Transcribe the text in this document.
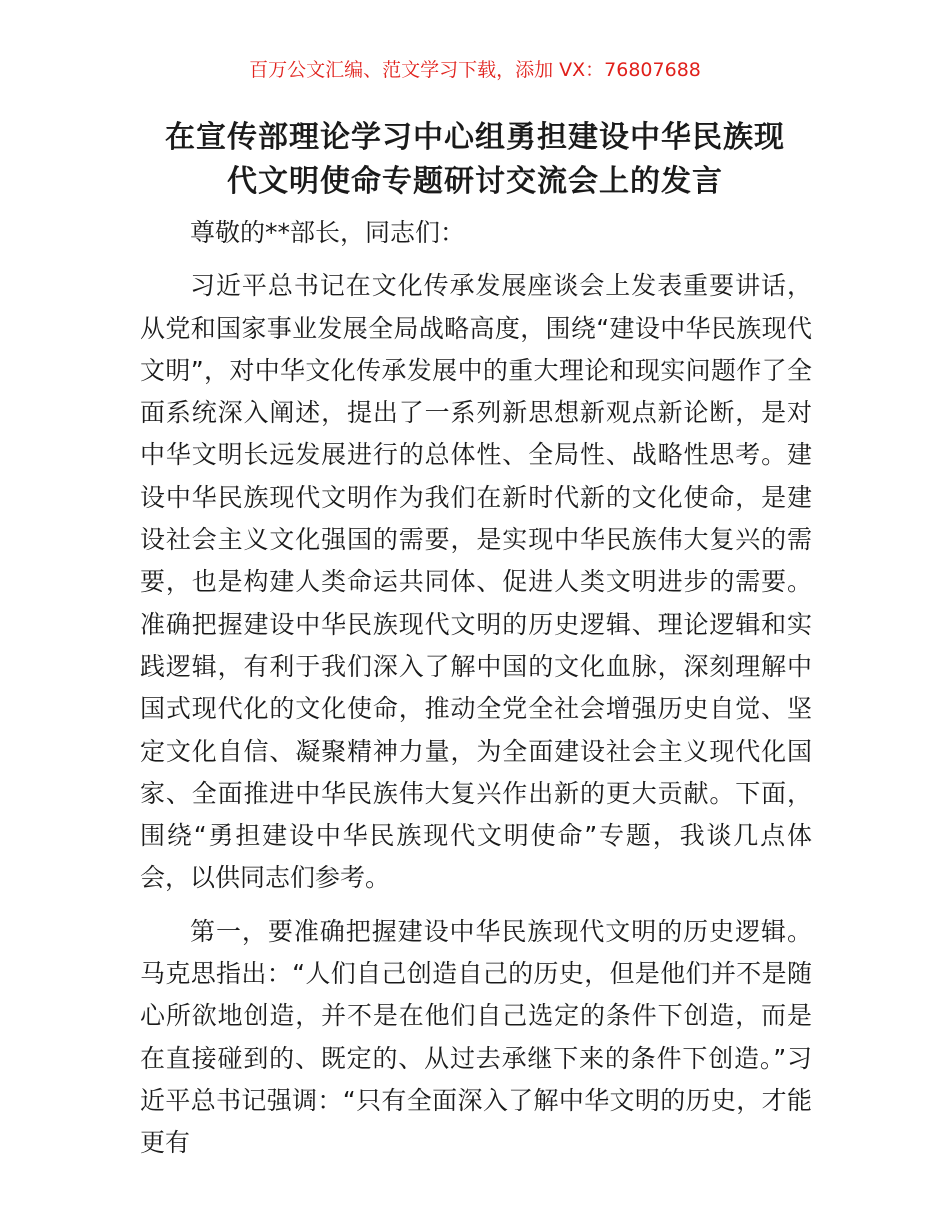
百万公文汇编、范文学习下载，添加 VX：76807688
在宣传部理论学习中心组勇担建设中华民族现
代文明使命专题研讨交流会上的发言

尊敬的**部长，同志们：

习近平总书记在文化传承发展座谈会上发表重要讲话，从党和国家事业发展全局战略高度，围绕“建设中华民族现代文明”，对中华文化传承发展中的重大理论和现实问题作了全面系统深入阐述，提出了一系列新思想新观点新论断，是对中华文明长远发展进行的总体性、全局性、战略性思考。建设中华民族现代文明作为我们在新时代新的文化使命，是建设社会主义文化强国的需要，是实现中华民族伟大复兴的需要，也是构建人类命运共同体、促进人类文明进步的需要。准确把握建设中华民族现代文明的历史逻辑、理论逻辑和实践逻辑，有利于我们深入了解中国的文化血脉，深刻理解中国式现代化的文化使命，推动全党全社会增强历史自觉、坚定文化自信、凝聚精神力量，为全面建设社会主义现代化国家、全面推进中华民族伟大复兴作出新的更大贡献。下面，围绕“勇担建设中华民族现代文明使命”专题，我谈几点体会，以供同志们参考。

第一，要准确把握建设中华民族现代文明的历史逻辑。马克思指出：“人们自己创造自己的历史，但是他们并不是随心所欲地创造，并不是在他们自己选定的条件下创造，而是在直接碰到的、既定的、从过去承继下来的条件下创造。”习近平总书记强调：“只有全面深入了解中华文明的历史，才能更有
